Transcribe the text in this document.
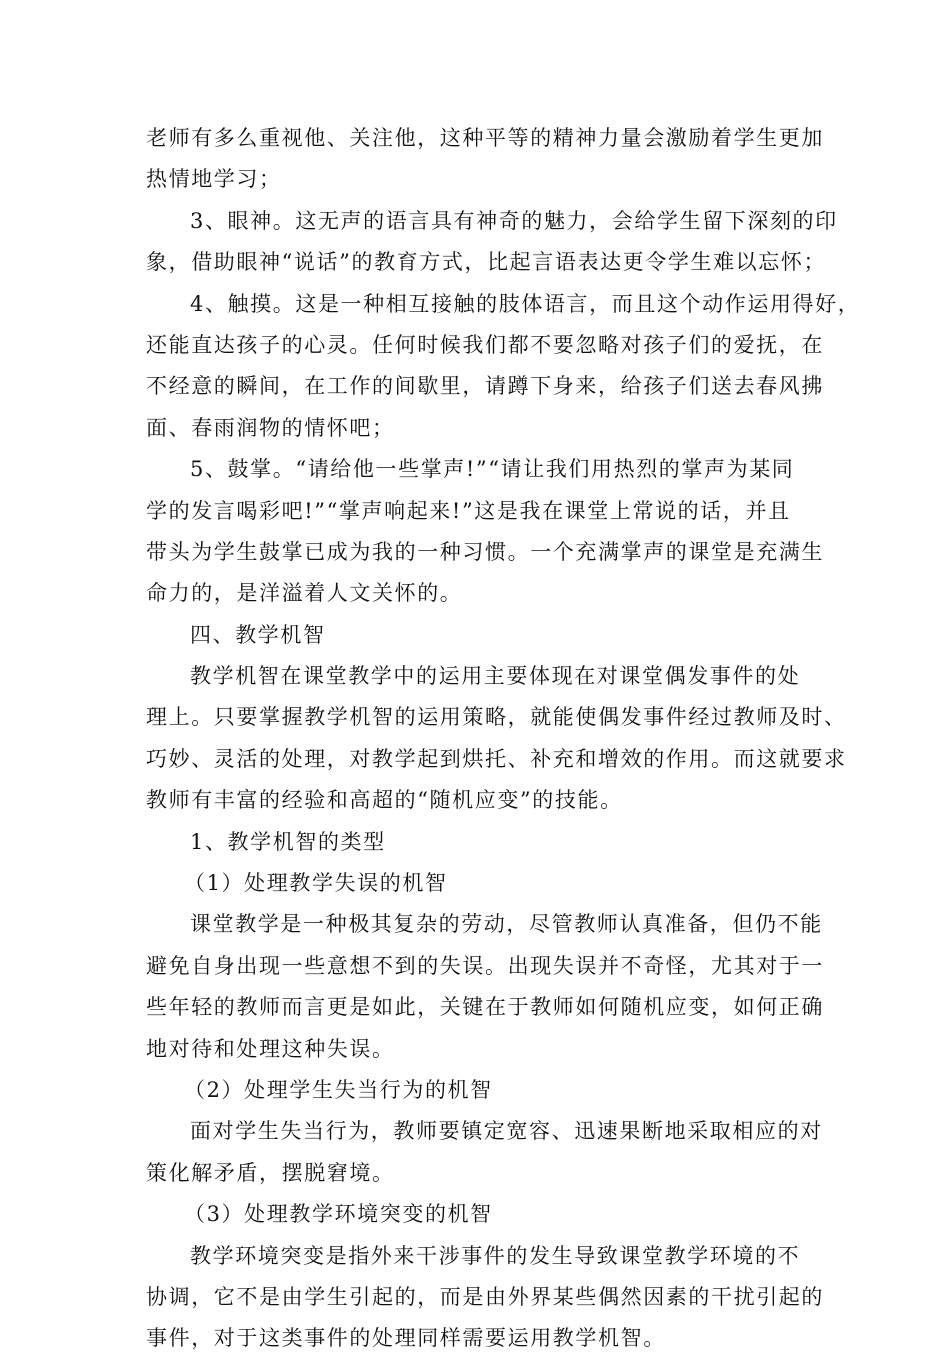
老师有多么重视他、关注他，这种平等的精神力量会激励着学生更加
热情地学习；
3、眼神。这无声的语言具有神奇的魅力，会给学生留下深刻的印
象，借助眼神“说话”的教育方式，比起言语表达更令学生难以忘怀；
4、触摸。这是一种相互接触的肢体语言，而且这个动作运用得好，
还能直达孩子的心灵。任何时候我们都不要忽略对孩子们的爱抚，在
不经意的瞬间，在工作的间歇里，请蹲下身来，给孩子们送去春风拂
面、春雨润物的情怀吧；
5、鼓掌。“请给他一些掌声!”“请让我们用热烈的掌声为某同
学的发言喝彩吧!”“掌声响起来!”这是我在课堂上常说的话，并且
带头为学生鼓掌已成为我的一种习惯。一个充满掌声的课堂是充满生
命力的，是洋溢着人文关怀的。
四、教学机智
教学机智在课堂教学中的运用主要体现在对课堂偶发事件的处
理上。只要掌握教学机智的运用策略，就能使偶发事件经过教师及时、
巧妙、灵活的处理，对教学起到烘托、补充和增效的作用。而这就要求
教师有丰富的经验和高超的“随机应变”的技能。
1、教学机智的类型
（1）处理教学失误的机智
课堂教学是一种极其复杂的劳动，尽管教师认真准备，但仍不能
避免自身出现一些意想不到的失误。出现失误并不奇怪，尤其对于一
些年轻的教师而言更是如此，关键在于教师如何随机应变，如何正确
地对待和处理这种失误。
（2）处理学生失当行为的机智
面对学生失当行为，教师要镇定宽容、迅速果断地采取相应的对
策化解矛盾，摆脱窘境。
（3）处理教学环境突变的机智
教学环境突变是指外来干涉事件的发生导致课堂教学环境的不
协调，它不是由学生引起的，而是由外界某些偶然因素的干扰引起的
事件，对于这类事件的处理同样需要运用教学机智。
